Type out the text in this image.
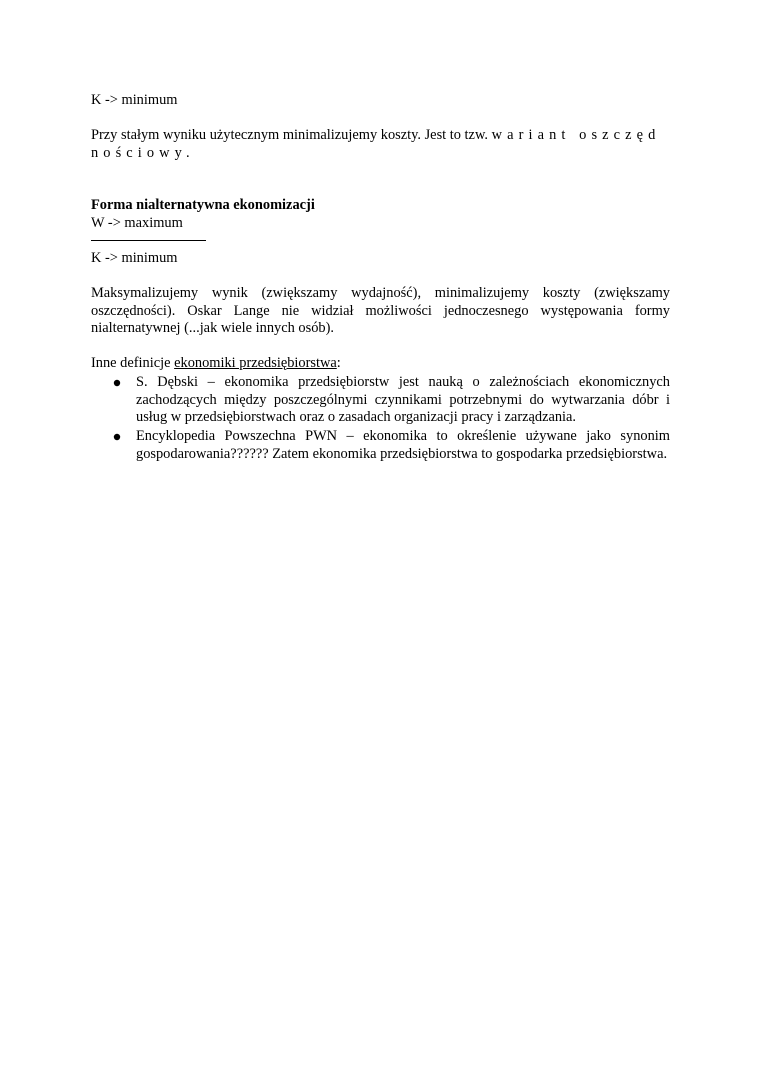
K -> minimum
Przy stałym wyniku użytecznym minimalizujemy koszty. Jest to tzw. wariant oszczęd
nościowy.
Forma nialternatywna ekonomizacji
W -> maximum
K -> minimum

Maksymalizujemy wynik (zwiększamy wydajność), minimalizujemy koszty (zwiększamy oszczędności). Oskar Lange nie widział możliwości jednoczesnego występowania formy nialternatywnej (...jak wiele innych osób).

Inne definicje ekonomiki przedsiębiorstwa:

S. Dębski – ekonomika przedsiębiorstw jest nauką o zależnościach ekonomicznych zachodzących między poszczególnymi czynnikami potrzebnymi do wytwarzania dóbr i usług w przedsiębiorstwach oraz o zasadach organizacji pracy i zarządzania.

Encyklopedia Powszechna PWN – ekonomika to określenie używane jako synonim gospodarowania?????? Zatem ekonomika przedsiębiorstwa to gospodarka przedsiębiorstwa.
